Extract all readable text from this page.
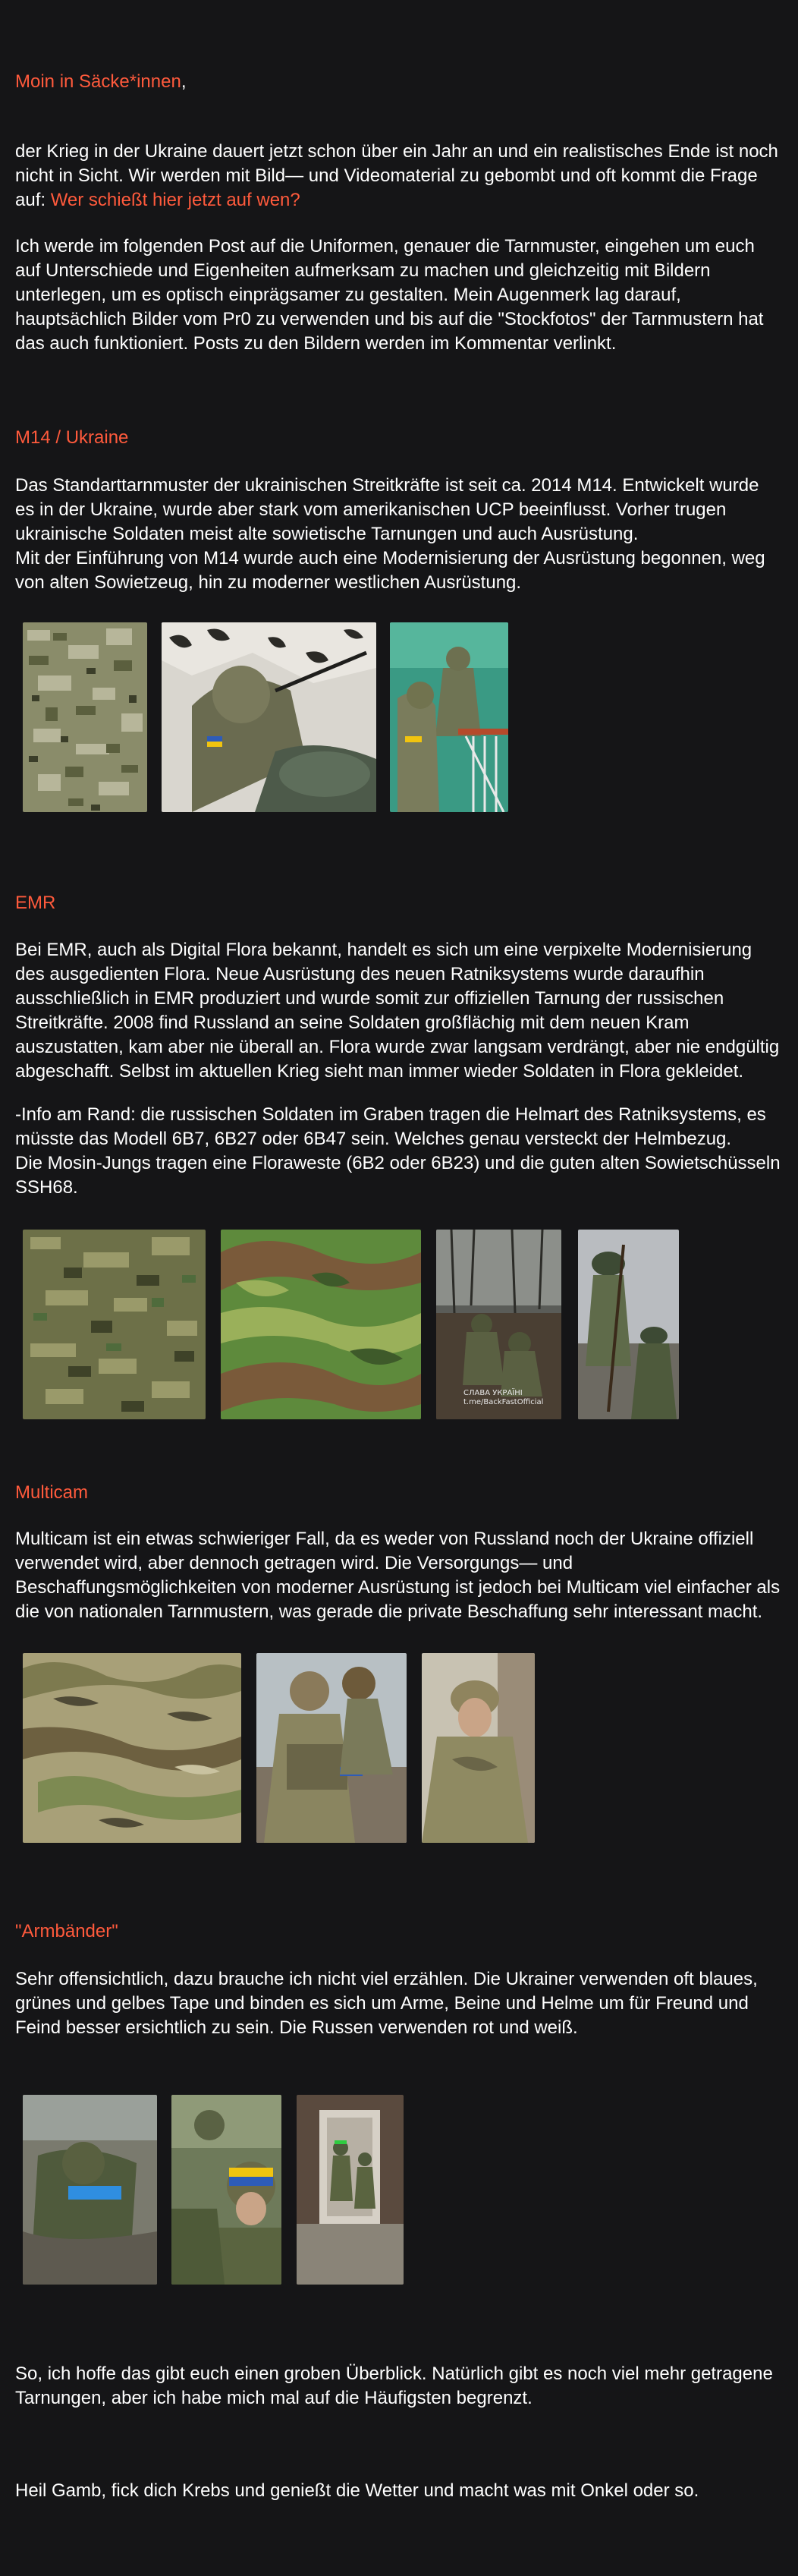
Moin in Säcke*innen,

der Krieg in der Ukraine dauert jetzt schon über ein Jahr an und ein realistisches Ende ist noch nicht in Sicht. Wir werden mit Bild— und Videomaterial zu gebombt und oft kommt die Frage auf: Wer schießt hier jetzt auf wen?

Ich werde im folgenden Post auf die Uniformen, genauer die Tarnmuster, eingehen um euch auf Unterschiede und Eigenheiten aufmerksam zu machen und gleichzeitig mit Bildern unterlegen, um es optisch einprägsamer zu gestalten. Mein Augenmerk lag darauf, hauptsächlich Bilder vom Pr0 zu verwenden und bis auf die "Stockfotos" der Tarnmustern hat das auch funktioniert. Posts zu den Bildern werden im Kommentar verlinkt.

M14 / Ukraine
Das Standarttarnmuster der ukrainischen Streitkräfte ist seit ca. 2014 M14. Entwickelt wurde es in der Ukraine, wurde aber stark vom amerikanischen UCP beeinflusst. Vorher trugen ukrainische Soldaten meist alte sowietische Tarnungen und auch Ausrüstung.
Mit der Einführung von M14 wurde auch eine Modernisierung der Ausrüstung begonnen, weg von alten Sowietzeug, hin zu moderner westlichen Ausrüstung.
EMR
Bei EMR, auch als Digital Flora bekannt, handelt es sich um eine verpixelte Modernisierung des ausgedienten Flora. Neue Ausrüstung des neuen Ratniksystems wurde daraufhin ausschließlich in EMR produziert und wurde somit zur offiziellen Tarnung der russischen Streitkräfte. 2008 find Russland an seine Soldaten großflächig mit dem neuen Kram auszustatten, kam aber nie überall an. Flora wurde zwar langsam verdrängt, aber nie endgültig abgeschafft. Selbst im aktuellen Krieg sieht man immer wieder Soldaten in Flora gekleidet.
-Info am Rand: die russischen Soldaten im Graben tragen die Helmart des Ratniksystems, es müsste das Modell 6B7, 6B27 oder 6B47 sein. Welches genau versteckt der Helmbezug.
Die Mosin-Jungs tragen eine Floraweste (6B2 oder 6B23) und die guten alten Sowietschüsseln SSH68.
Multicam
Multicam ist ein etwas schwieriger Fall, da es weder von Russland noch der Ukraine offiziell verwendet wird, aber dennoch getragen wird. Die Versorgungs— und Beschaffungsmöglichkeiten von moderner Ausrüstung ist jedoch bei Multicam viel einfacher als die von nationalen Tarnmustern, was gerade die private Beschaffung sehr interessant macht.
"Armbänder"
Sehr offensichtlich, dazu brauche ich nicht viel erzählen. Die Ukrainer verwenden oft blaues, grünes und gelbes Tape und binden es sich um Arme, Beine und Helme um für Freund und Feind besser ersichtlich zu sein. Die Russen verwenden rot und weiß.
So, ich hoffe das gibt euch einen groben Überblick. Natürlich gibt es noch viel mehr getragene Tarnungen, aber ich habe mich mal auf die Häufigsten begrenzt.
Heil Gamb, fick dich Krebs und genießt die Wetter und macht was mit Onkel oder so.
СЛАВА УКРАЇНІ
t.me/BackFastOfficial
